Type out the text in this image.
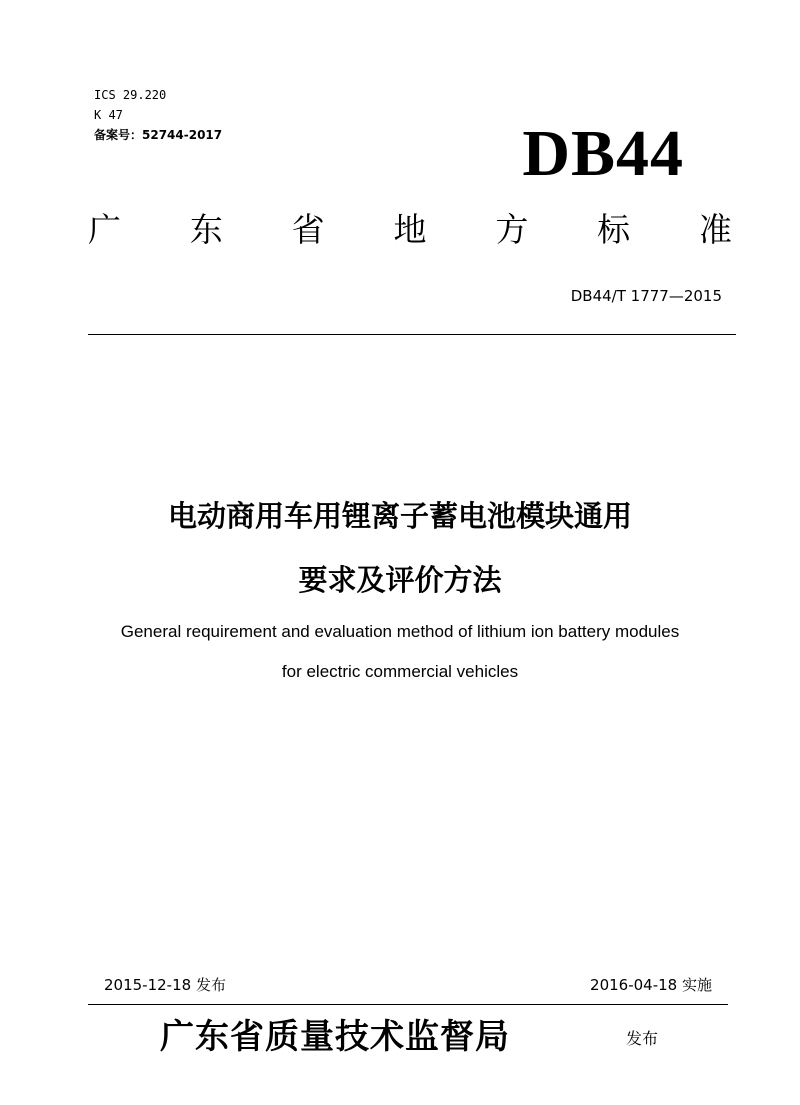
ICS 29.220
K 47
备案号：52744-2017	DB44
广 东 省 地 方 标 准
DB44/T 1777—2015
电动商用车用锂离子蓄电池模块通用
要求及评价方法
General requirement and evaluation method of lithium ion battery modules
for electric commercial vehicles
2015-12-18 发布	2016-04-18 实施
广东省质量技术监督局	发布
